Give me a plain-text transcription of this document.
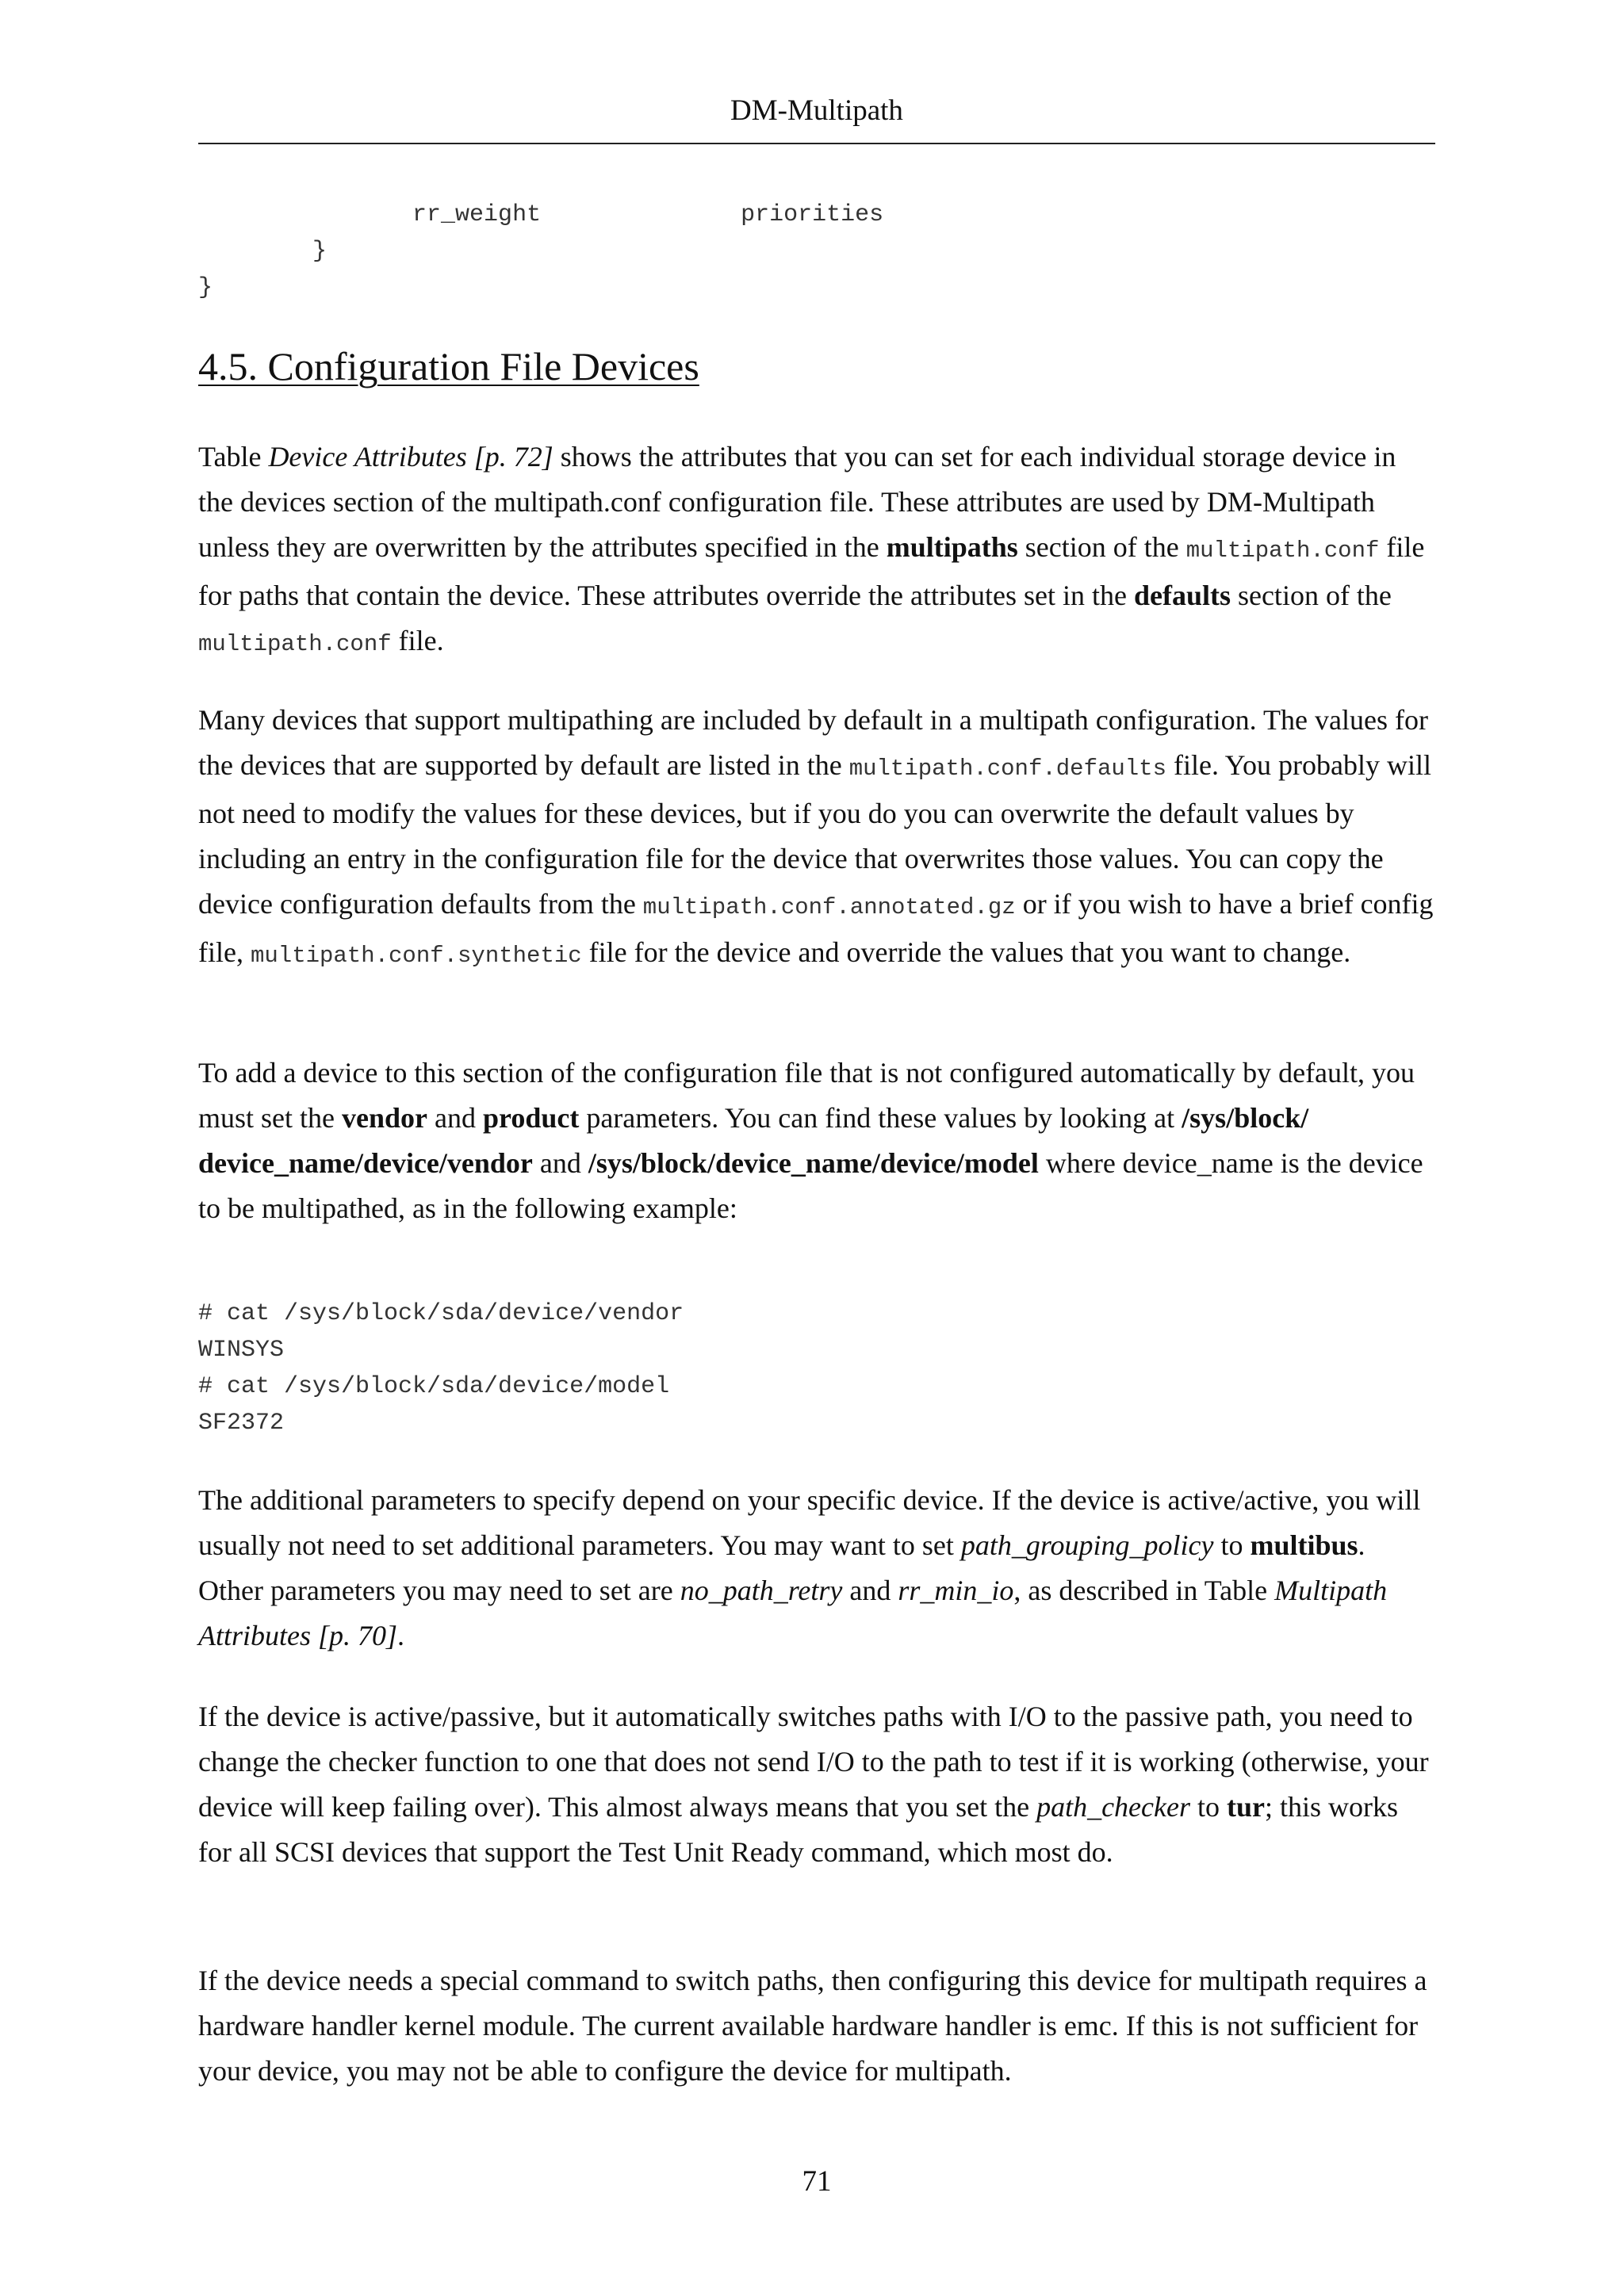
DM-Multipath
rr_weight              priorities
}
}
4.5. Configuration File Devices

Table Device Attributes [p. 72] shows the attributes that you can set for each individual storage device in the devices section of the multipath.conf configuration file. These attributes are used by DM-Multipath unless they are overwritten by the attributes specified in the multipaths section of the multipath.conf file for paths that contain the device. These attributes override the attributes set in the defaults section of the multipath.conf file.

Many devices that support multipathing are included by default in a multipath configuration. The values for the devices that are supported by default are listed in the multipath.conf.defaults file. You probably will not need to modify the values for these devices, but if you do you can overwrite the default values by including an entry in the configuration file for the device that overwrites those values. You can copy the device configuration defaults from the multipath.conf.annotated.gz or if you wish to have a brief config file, multipath.conf.synthetic file for the device and override the values that you want to change.

To add a device to this section of the configuration file that is not configured automatically by default, you must set the vendor and product parameters. You can find these values by looking at /sys/block/ device_name/device/vendor and /sys/block/device_name/device/model where device_name is the device to be multipathed, as in the following example:

# cat /sys/block/sda/device/vendor
WINSYS
# cat /sys/block/sda/device/model
SF2372

The additional parameters to specify depend on your specific device. If the device is active/active, you will usually not need to set additional parameters. You may want to set path_grouping_policy to multibus. Other parameters you may need to set are no_path_retry and rr_min_io, as described in Table Multipath Attributes [p. 70].

If the device is active/passive, but it automatically switches paths with I/O to the passive path, you need to change the checker function to one that does not send I/O to the path to test if it is working (otherwise, your device will keep failing over). This almost always means that you set the path_checker to tur; this works for all SCSI devices that support the Test Unit Ready command, which most do.

If the device needs a special command to switch paths, then configuring this device for multipath requires a hardware handler kernel module. The current available hardware handler is emc. If this is not sufficient for your device, you may not be able to configure the device for multipath.

71
